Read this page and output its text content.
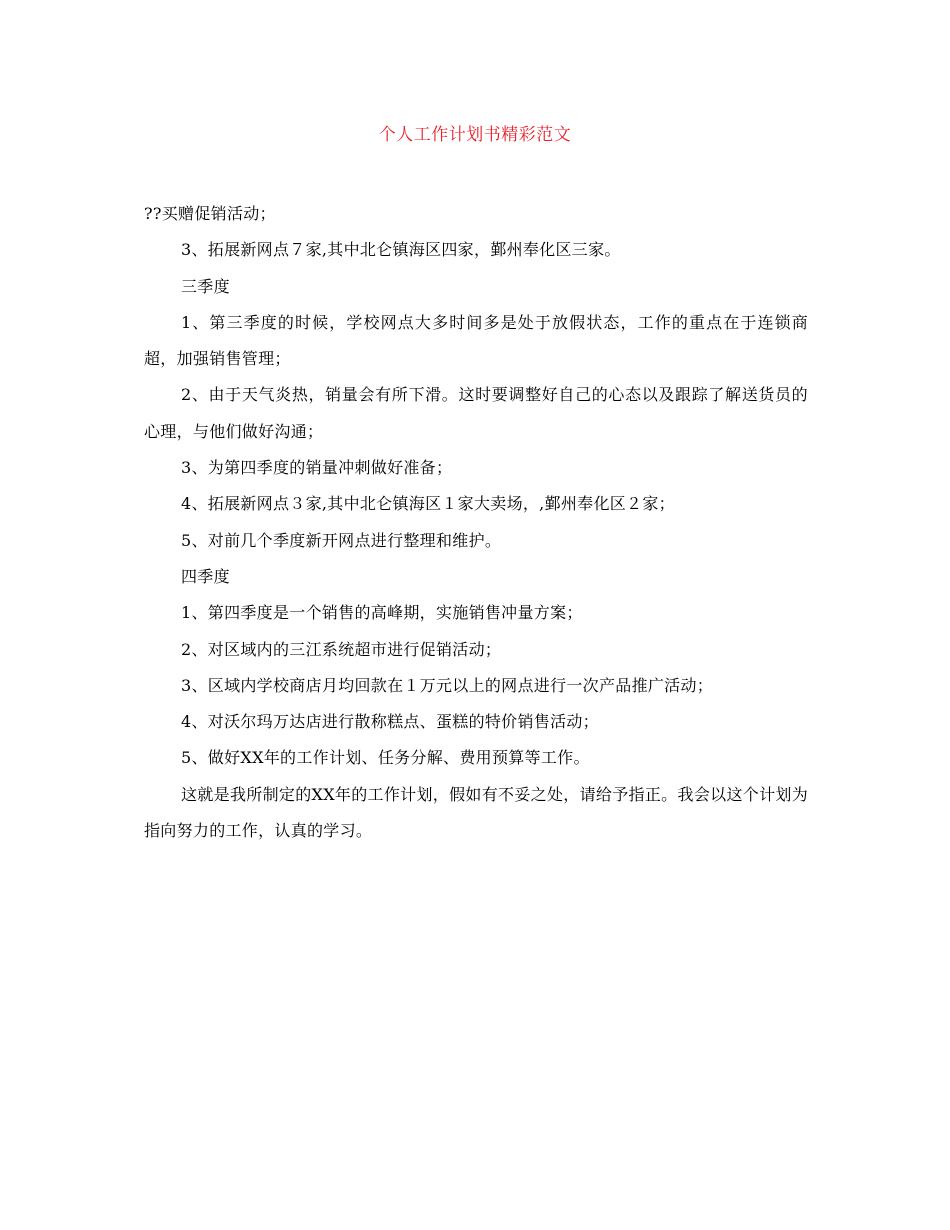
个人工作计划书精彩范文

??买赠促销活动；

3、拓展新网点７家,其中北仑镇海区四家，鄞州奉化区三家。

三季度

1、第三季度的时候，学校网点大多时间多是处于放假状态，工作的重点在于连锁商超，加强销售管理；

2、由于天气炎热，销量会有所下滑。这时要调整好自己的心态以及跟踪了解送货员的心理，与他们做好沟通；

3、为第四季度的销量冲刺做好准备；

4、拓展新网点３家,其中北仑镇海区１家大卖场，,鄞州奉化区２家；

5、对前几个季度新开网点进行整理和维护。

四季度

1、第四季度是一个销售的高峰期，实施销售冲量方案；

2、对区域内的三江系统超市进行促销活动；

3、区域内学校商店月均回款在１万元以上的网点进行一次产品推广活动；

4、对沃尔玛万达店进行散称糕点、蛋糕的特价销售活动；

5、做好XX年的工作计划、任务分解、费用预算等工作。

这就是我所制定的XX年的工作计划，假如有不妥之处，请给予指正。我会以这个计划为指向努力的工作，认真的学习。
